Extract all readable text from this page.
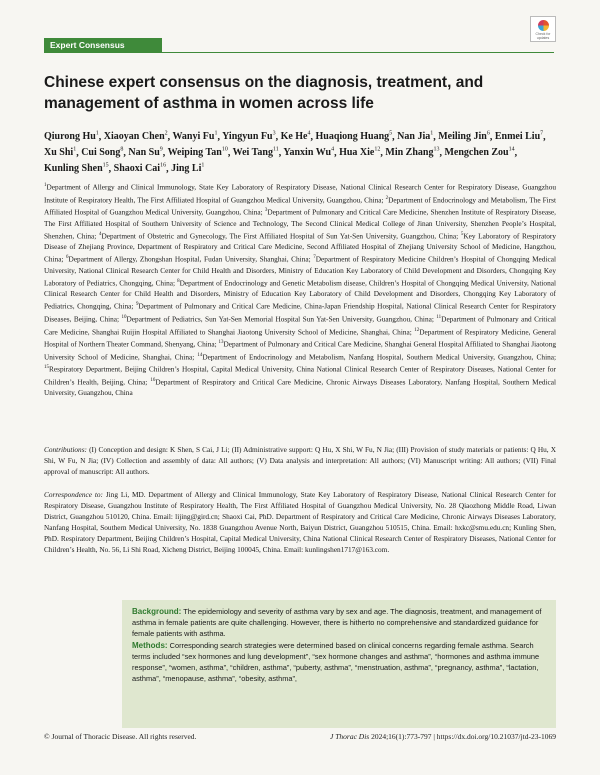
Expert Consensus
Check for updates
Chinese expert consensus on the diagnosis, treatment, and management of asthma in women across life
Qiurong Hu$^1$, Xiaoyan Chen$^2$, Wanyi Fu$^1$, Yingyun Fu$^3$, Ke He$^4$, Huaqiong Huang$^5$, Nan Jia$^1$, Meiling Jin$^6$, Enmei Liu$^7$, Xu Shi$^1$, Cui Song$^8$, Nan Su$^9$, Weiping Tan$^{10}$, Wei Tang$^{11}$, Yanxin Wu$^4$, Hua Xie$^{12}$, Min Zhang$^{13}$, Mengchen Zou$^{14}$, Kunling Shen$^{15}$, Shaoxi Cai$^{16}$, Jing Li$^1$
$^1$Department of Allergy and Clinical Immunology, State Key Laboratory of Respiratory Disease, National Clinical Research Center for Respiratory Disease, Guangzhou Institute of Respiratory Health, The First Affiliated Hospital of Guangzhou Medical University, Guangzhou, China; $^2$Department of Endocrinology and Metabolism, The First Affiliated Hospital of Guangzhou Medical University, Guangzhou, China; $^3$Department of Pulmonary and Critical Care Medicine, Shenzhen Institute of Respiratory Disease, The First Affiliated Hospital of Southern University of Science and Technology, The Second Clinical Medical College of Jinan University, Shenzhen People’s Hospital, Shenzhen, China; $^4$Department of Obstetric and Gynecology, The First Affiliated Hospital of Sun Yat-Sen University, Guangzhou, China; $^5$Key Laboratory of Respiratory Disease of Zhejiang Province, Department of Respiratory and Critical Care Medicine, Second Affiliated Hospital of Zhejiang University School of Medicine, Hangzhou, China; $^6$Department of Allergy, Zhongshan Hospital, Fudan University, Shanghai, China; $^7$Department of Respiratory Medicine Children’s Hospital of Chongqing Medical University, National Clinical Research Center for Child Health and Disorders, Ministry of Education Key Laboratory of Child Development and Disorders, Chongqing Key Laboratory of Pediatrics, Chongqing, China; $^8$Department of Endocrinology and Genetic Metabolism disease, Children’s Hospital of Chongqing Medical University, National Clinical Research Center for Child Health and Disorders, Ministry of Education Key Laboratory of Child Development and Disorders, Chongqing Key Laboratory of Pediatrics, Chongqing, China; $^9$Department of Pulmonary and Critical Care Medicine, China-Japan Friendship Hospital, National Clinical Research Center for Respiratory Diseases, Beijing, China; $^{10}$Department of Pediatrics, Sun Yat-Sen Memorial Hospital Sun Yat-Sen University, Guangzhou, China; $^{11}$Department of Pulmonary and Critical Care Medicine, Shanghai Ruijin Hospital Affiliated to Shanghai Jiaotong University School of Medicine, Shanghai, China; $^{12}$Department of Respiratory Medicine, General Hospital of Northern Theater Command, Shenyang, China; $^{13}$Department of Pulmonary and Critical Care Medicine, Shanghai General Hospital Affiliated to Shanghai Jiaotong University School of Medicine, Shanghai, China; $^{14}$Department of Endocrinology and Metabolism, Nanfang Hospital, Southern Medical University, Guangzhou, China; $^{15}$Respiratory Department, Beijing Children’s Hospital, Capital Medical University, China National Clinical Research Center of Respiratory Diseases, National Center for Children’s Health, Beijing, China; $^{16}$Department of Respiratory and Critical Care Medicine, Chronic Airways Diseases Laboratory, Nanfang Hospital, Southern Medical University, Guangzhou, China
Contributions: (I) Conception and design: K Shen, S Cai, J Li; (II) Administrative support: Q Hu, X Shi, W Fu, N Jia; (III) Provision of study materials or patients: Q Hu, X Shi, W Fu, N Jia; (IV) Collection and assembly of data: All authors; (V) Data analysis and interpretation: All authors; (VI) Manuscript writing: All authors; (VII) Final approval of manuscript: All authors.
Correspondence to: Jing Li, MD. Department of Allergy and Clinical Immunology, State Key Laboratory of Respiratory Disease, National Clinical Research Center for Respiratory Disease, Guangzhou Institute of Respiratory Health, The First Affiliated Hospital of Guangzhou Medical University, No. 28 Qiaozhong Middle Road, Liwan District, Guangzhou 510120, China. Email: lijing@gird.cn; Shaoxi Cai, PhD. Department of Respiratory and Critical Care Medicine, Chronic Airways Diseases Laboratory, Nanfang Hospital, Southern Medical University, No. 1838 Guangzhou Avenue North, Baiyun District, Guangzhou 510515, China. Email: hxkc@smu.edu.cn; Kunling Shen, PhD. Respiratory Department, Beijing Children’s Hospital, Capital Medical University, China National Clinical Research Center of Respiratory Diseases, National Center for Children’s Health, No. 56, Li Shi Road, Xicheng District, Beijing 100045, China. Email: kunlingshen1717@163.com.

Background: The epidemiology and severity of asthma vary by sex and age. The diagnosis, treatment, and management of asthma in female patients are quite challenging. However, there is hitherto no comprehensive and standardized guidance for female patients with asthma.

Methods: Corresponding search strategies were determined based on clinical concerns regarding female asthma. Search terms included “sex hormones and lung development”, “sex hormone changes and asthma”, “hormones and asthma immune response”, “women, asthma”, “children, asthma”, “puberty, asthma”, “menstruation, asthma”, “pregnancy, asthma”, “lactation, asthma”, “menopause, asthma”, “obesity, asthma”,

© Journal of Thoracic Disease. All rights reserved.	J Thorac Dis 2024;16(1):773-797 | https://dx.doi.org/10.21037/jtd-23-1069
